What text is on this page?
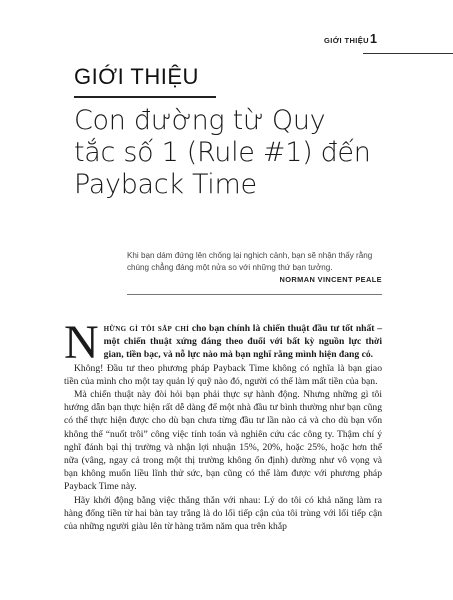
GIỚI THIỆU 1
GIỚI THIỆU
Con đường từ Quy
tắc số 1 (Rule #1) đến
Payback Time
Khi bạn dám đứng lên chống lại nghịch cảnh, bạn sẽ nhận thấy rằng chúng chẳng đáng một nửa so với những thứ bạn tưởng.
NORMAN VINCENT PEALE

Những gì tôi sắp chỉ cho bạn chính là chiến thuật đầu tư tốt nhất – một chiến thuật xứng đáng theo đuổi với bất kỳ nguồn lực thời gian, tiền bạc, và nỗ lực nào mà bạn nghĩ rằng mình hiện đang có.

Không! Đầu tư theo phương pháp Payback Time không có nghĩa là bạn giao tiền của mình cho một tay quản lý quỹ nào đó, người có thể làm mất tiền của bạn.

Mà chiến thuật này đòi hỏi bạn phải thực sự hành động. Nhưng những gì tôi hướng dẫn bạn thực hiện rất dễ dàng để một nhà đầu tư bình thường như bạn cũng có thể thực hiện được cho dù bạn chưa từng đầu tư lần nào cả và cho dù bạn vốn không thể “nuốt trôi” công việc tính toán và nghiên cứu các công ty. Thậm chí ý nghĩ đánh bại thị trường và nhận lợi nhuận 15%, 20%, hoặc 25%, hoặc hơn thế nữa (vâng, ngay cả trong một thị trường không ổn định) dường như vô vọng và bạn không muốn liều lĩnh thử sức, bạn cũng có thể làm được với phương pháp Payback Time này.

Hãy khởi động bằng việc thẳng thắn với nhau: Lý do tôi có khả năng làm ra hàng đống tiền từ hai bàn tay trắng là do lối tiếp cận của tôi trùng với lối tiếp cận của những người giàu lên từ hàng trăm năm qua trên khắp
